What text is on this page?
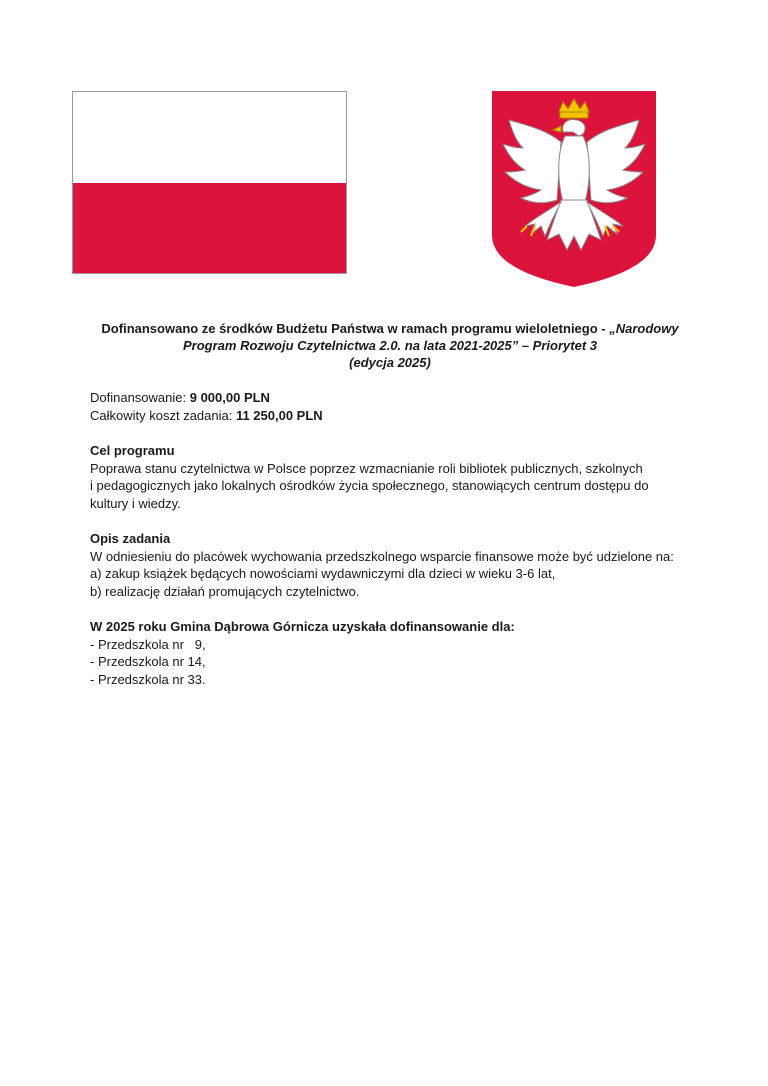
Dofinansowano ze środków Budżetu Państwa w ramach programu wieloletniego - „Narodowy
Program Rozwoju Czytelnictwa 2.0. na lata 2021-2025” – Priorytet 3
(edycja 2025)

Dofinansowanie: 9 000,00 PLN

Całkowity koszt zadania: 11 250,00 PLN

Cel programu

Poprawa stanu czytelnictwa w Polsce poprzez wzmacnianie roli bibliotek publicznych, szkolnych

i pedagogicznych jako lokalnych ośrodków życia społecznego, stanowiących centrum dostępu do

kultury i wiedzy.

Opis zadania

W odniesieniu do placówek wychowania przedszkolnego wsparcie finansowe może być udzielone na:

a) zakup książek będących nowościami wydawniczymi dla dzieci w wieku 3-6 lat,

b) realizację działań promujących czytelnictwo.

W 2025 roku Gmina Dąbrowa Górnicza uzyskała dofinansowanie dla:

- Przedszkola nr   9,

- Przedszkola nr 14,

- Przedszkola nr 33.
